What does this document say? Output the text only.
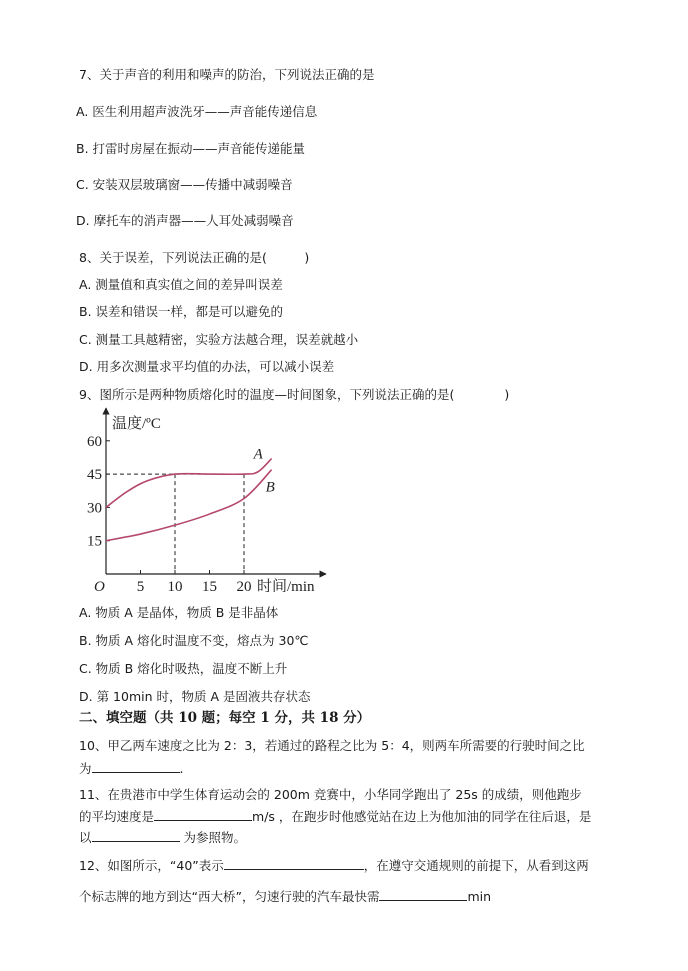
7、关于声音的利用和噪声的防治，下列说法正确的是
A. 医生利用超声波洗牙——声音能传递信息
B. 打雷时房屋在振动——声音能传递能量
C. 安装双层玻璃窗——传播中减弱噪音
D. 摩托车的消声器——人耳处减弱噪音
8、关于误差，下列说法正确的是(　　　)
A. 测量值和真实值之间的差异叫误差
B. 误差和错误一样，都是可以避免的
C. 测量工具越精密，实验方法越合理，误差就越小
D. 用多次测量求平均值的办法，可以减小误差
9、图所示是两种物质熔化时的温度—时间图象，下列说法正确的是(　　　　)
15
30
45
60
5 10 15 20
O
温度/ºC
时间/min
A
B
A. 物质 A 是晶体，物质 B 是非晶体
B. 物质 A 熔化时温度不变，熔点为 30℃
C. 物质 B 熔化时吸热，温度不断上升
D. 第 10min 时，物质 A 是固液共存状态
二、填空题（共 10 题；每空 1 分，共 18 分）
10、甲乙两车速度之比为 2：3，若通过的路程之比为 5：4，则两车所需要的行驶时间之比
为	.
11、在贵港市中学生体育运动会的 200m 竞赛中，小华同学跑出了 25s 的成绩，则他跑步
的平均速度是	m/s ，在跑步时他感觉站在边上为他加油的同学在往后退，是
以	为参照物。
12、如图所示，“40”表示	，在遵守交通规则的前提下，从看到这两
个标志牌的地方到达“西大桥”，匀速行驶的汽车最快需	min
